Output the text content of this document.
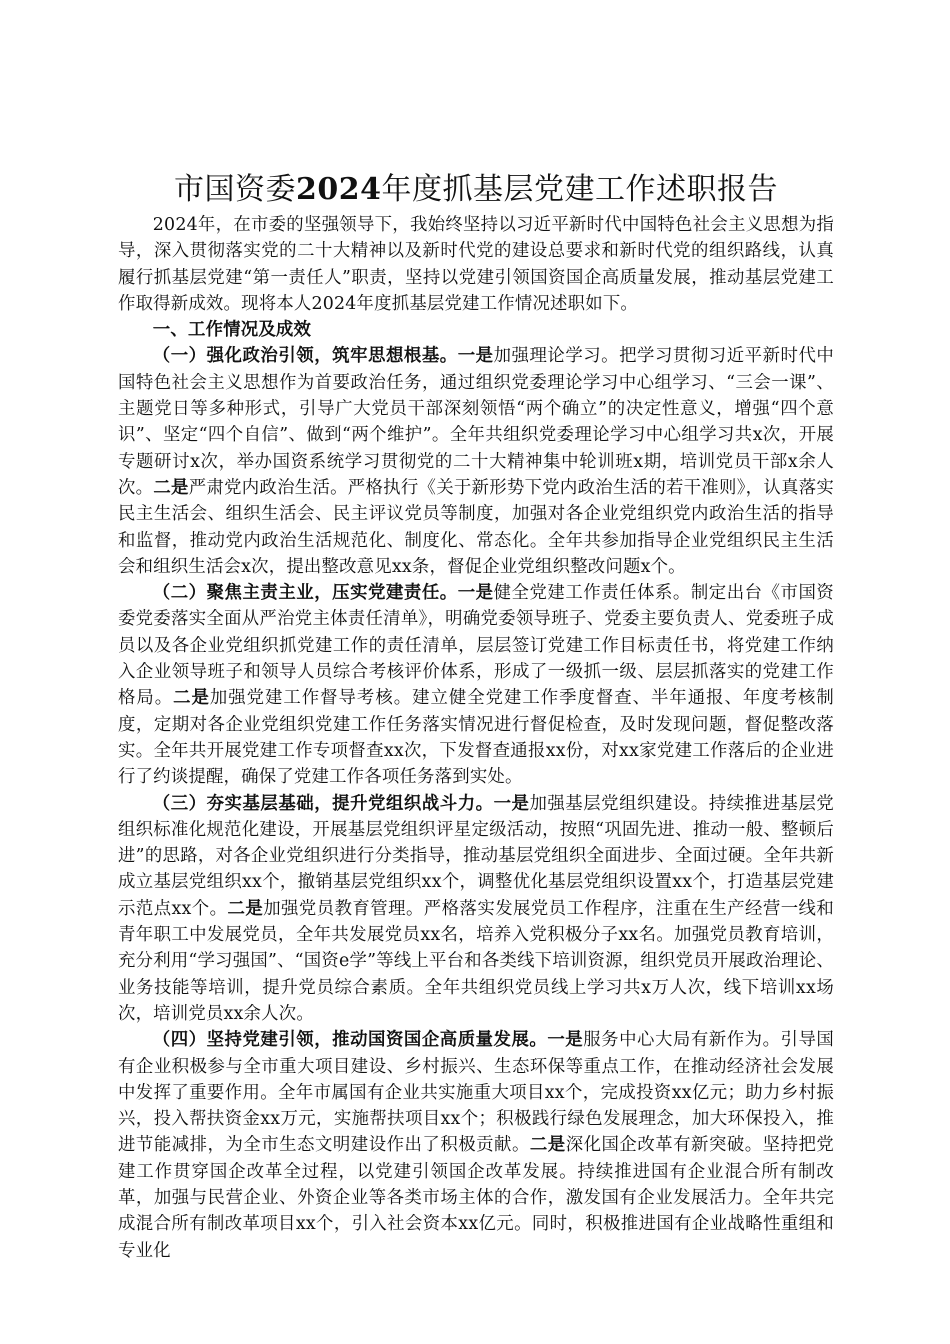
市国资委2024年度抓基层党建工作述职报告

2024年，在市委的坚强领导下，我始终坚持以习近平新时代中国特色社会主义思想为指导，深入贯彻落实党的二十大精神以及新时代党的建设总要求和新时代党的组织路线，认真履行抓基层党建“第一责任人”职责，坚持以党建引领国资国企高质量发展，推动基层党建工作取得新成效。现将本人2024年度抓基层党建工作情况述职如下。

一、工作情况及成效

（一）强化政治引领，筑牢思想根基。一是加强理论学习。把学习贯彻习近平新时代中国特色社会主义思想作为首要政治任务，通过组织党委理论学习中心组学习、“三会一课”、主题党日等多种形式，引导广大党员干部深刻领悟“两个确立”的决定性意义，增强“四个意识”、坚定“四个自信”、做到“两个维护”。全年共组织党委理论学习中心组学习共x次，开展专题研讨x次，举办国资系统学习贯彻党的二十大精神集中轮训班x期，培训党员干部x余人次。二是严肃党内政治生活。严格执行《关于新形势下党内政治生活的若干准则》，认真落实民主生活会、组织生活会、民主评议党员等制度，加强对各企业党组织党内政治生活的指导和监督，推动党内政治生活规范化、制度化、常态化。全年共参加指导企业党组织民主生活会和组织生活会x次，提出整改意见xx条，督促企业党组织整改问题x个。

（二）聚焦主责主业，压实党建责任。一是健全党建工作责任体系。制定出台《市国资委党委落实全面从严治党主体责任清单》，明确党委领导班子、党委主要负责人、党委班子成员以及各企业党组织抓党建工作的责任清单，层层签订党建工作目标责任书，将党建工作纳入企业领导班子和领导人员综合考核评价体系，形成了一级抓一级、层层抓落实的党建工作格局。二是加强党建工作督导考核。建立健全党建工作季度督查、半年通报、年度考核制度，定期对各企业党组织党建工作任务落实情况进行督促检查，及时发现问题，督促整改落实。全年共开展党建工作专项督查xx次，下发督查通报xx份，对xx家党建工作落后的企业进行了约谈提醒，确保了党建工作各项任务落到实处。

（三）夯实基层基础，提升党组织战斗力。一是加强基层党组织建设。持续推进基层党组织标准化规范化建设，开展基层党组织评星定级活动，按照“巩固先进、推动一般、整顿后进”的思路，对各企业党组织进行分类指导，推动基层党组织全面进步、全面过硬。全年共新成立基层党组织xx个，撤销基层党组织xx个，调整优化基层党组织设置xx个，打造基层党建示范点xx个。二是加强党员教育管理。严格落实发展党员工作程序，注重在生产经营一线和青年职工中发展党员，全年共发展党员xx名，培养入党积极分子xx名。加强党员教育培训，充分利用“学习强国”、“国资e学”等线上平台和各类线下培训资源，组织党员开展政治理论、业务技能等培训，提升党员综合素质。全年共组织党员线上学习共x万人次，线下培训xx场次，培训党员xx余人次。

（四）坚持党建引领，推动国资国企高质量发展。一是服务中心大局有新作为。引导国有企业积极参与全市重大项目建设、乡村振兴、生态环保等重点工作，在推动经济社会发展中发挥了重要作用。全年市属国有企业共实施重大项目xx个，完成投资xx亿元；助力乡村振兴，投入帮扶资金xx万元，实施帮扶项目xx个；积极践行绿色发展理念，加大环保投入，推进节能减排，为全市生态文明建设作出了积极贡献。二是深化国企改革有新突破。坚持把党建工作贯穿国企改革全过程，以党建引领国企改革发展。持续推进国有企业混合所有制改革，加强与民营企业、外资企业等各类市场主体的合作，激发国有企业发展活力。全年共完成混合所有制改革项目xx个，引入社会资本xx亿元。同时，积极推进国有企业战略性重组和专业化
